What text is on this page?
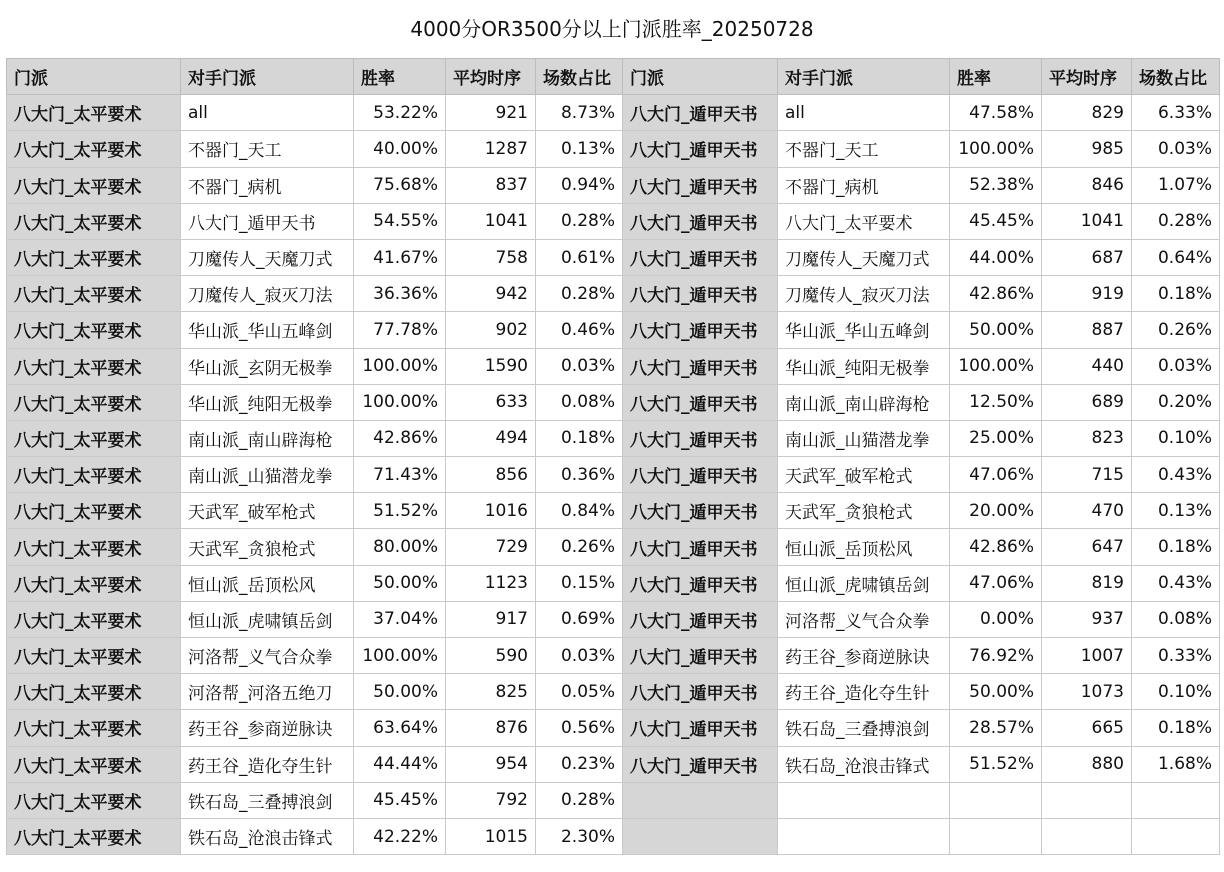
4000分OR3500分以上门派胜率_20250728
门派	对手门派	胜率	平均时序	场数占比	门派	对手门派	胜率	平均时序	场数占比
八大门_太平要术	all	53.22%	921	8.73%	八大门_遁甲天书	all	47.58%	829	6.33%
八大门_太平要术	不器门_天工	40.00%	1287	0.13%	八大门_遁甲天书	不器门_天工	100.00%	985	0.03%
八大门_太平要术	不器门_病机	75.68%	837	0.94%	八大门_遁甲天书	不器门_病机	52.38%	846	1.07%
八大门_太平要术	八大门_遁甲天书	54.55%	1041	0.28%	八大门_遁甲天书	八大门_太平要术	45.45%	1041	0.28%
八大门_太平要术	刀魔传人_天魔刀式	41.67%	758	0.61%	八大门_遁甲天书	刀魔传人_天魔刀式	44.00%	687	0.64%
八大门_太平要术	刀魔传人_寂灭刀法	36.36%	942	0.28%	八大门_遁甲天书	刀魔传人_寂灭刀法	42.86%	919	0.18%
八大门_太平要术	华山派_华山五峰剑	77.78%	902	0.46%	八大门_遁甲天书	华山派_华山五峰剑	50.00%	887	0.26%
八大门_太平要术	华山派_玄阴无极拳	100.00%	1590	0.03%	八大门_遁甲天书	华山派_纯阳无极拳	100.00%	440	0.03%
八大门_太平要术	华山派_纯阳无极拳	100.00%	633	0.08%	八大门_遁甲天书	南山派_南山辟海枪	12.50%	689	0.20%
八大门_太平要术	南山派_南山辟海枪	42.86%	494	0.18%	八大门_遁甲天书	南山派_山猫潜龙拳	25.00%	823	0.10%
八大门_太平要术	南山派_山猫潜龙拳	71.43%	856	0.36%	八大门_遁甲天书	天武军_破军枪式	47.06%	715	0.43%
八大门_太平要术	天武军_破军枪式	51.52%	1016	0.84%	八大门_遁甲天书	天武军_贪狼枪式	20.00%	470	0.13%
八大门_太平要术	天武军_贪狼枪式	80.00%	729	0.26%	八大门_遁甲天书	恒山派_岳顶松风	42.86%	647	0.18%
八大门_太平要术	恒山派_岳顶松风	50.00%	1123	0.15%	八大门_遁甲天书	恒山派_虎啸镇岳剑	47.06%	819	0.43%
八大门_太平要术	恒山派_虎啸镇岳剑	37.04%	917	0.69%	八大门_遁甲天书	河洛帮_义气合众拳	0.00%	937	0.08%
八大门_太平要术	河洛帮_义气合众拳	100.00%	590	0.03%	八大门_遁甲天书	药王谷_参商逆脉诀	76.92%	1007	0.33%
八大门_太平要术	河洛帮_河洛五绝刀	50.00%	825	0.05%	八大门_遁甲天书	药王谷_造化夺生针	50.00%	1073	0.10%
八大门_太平要术	药王谷_参商逆脉诀	63.64%	876	0.56%	八大门_遁甲天书	铁石岛_三叠搏浪剑	28.57%	665	0.18%
八大门_太平要术	药王谷_造化夺生针	44.44%	954	0.23%	八大门_遁甲天书	铁石岛_沧浪击锋式	51.52%	880	1.68%
八大门_太平要术	铁石岛_三叠搏浪剑	45.45%	792	0.28%					
八大门_太平要术	铁石岛_沧浪击锋式	42.22%	1015	2.30%					
